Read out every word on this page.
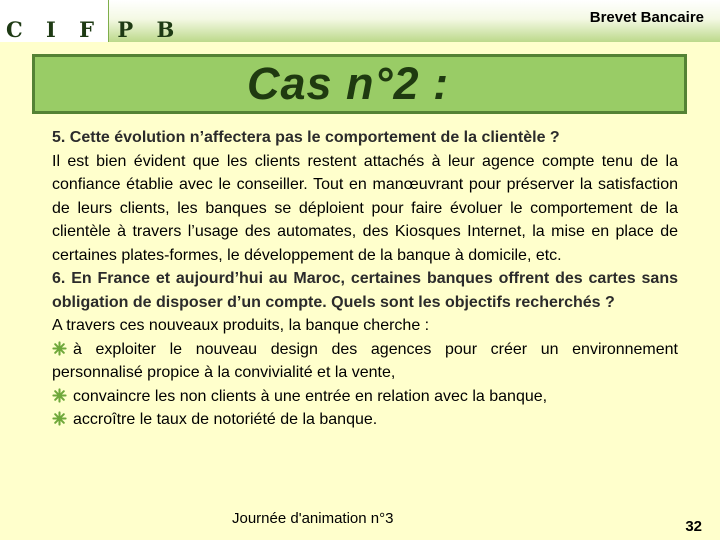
C I F P B	Brevet Bancaire
Cas n°2 :

5. Cette évolution n’affectera pas le comportement de la clientèle ?

Il est bien évident que les clients restent attachés à leur agence compte tenu de la confiance établie avec le conseiller. Tout en manœuvrant pour préserver la satisfaction de leurs clients, les banques se déploient pour faire évoluer le comportement de la clientèle à travers l’usage des automates, des Kiosques Internet, la mise en place de certaines plates-formes, le développement de la banque à domicile, etc.

6. En France et aujourd’hui au Maroc, certaines banques offrent des cartes sans obligation de disposer d’un compte. Quels sont les objectifs recherchés ?

A travers ces nouveaux produits, la banque cherche :

à exploiter le nouveau design des agences pour créer un environnement personnalisé propice à la convivialité et la vente,

convaincre les non clients à une entrée en relation avec la banque,

accroître le taux de notoriété de la banque.

Journée d'animation n°3	32
